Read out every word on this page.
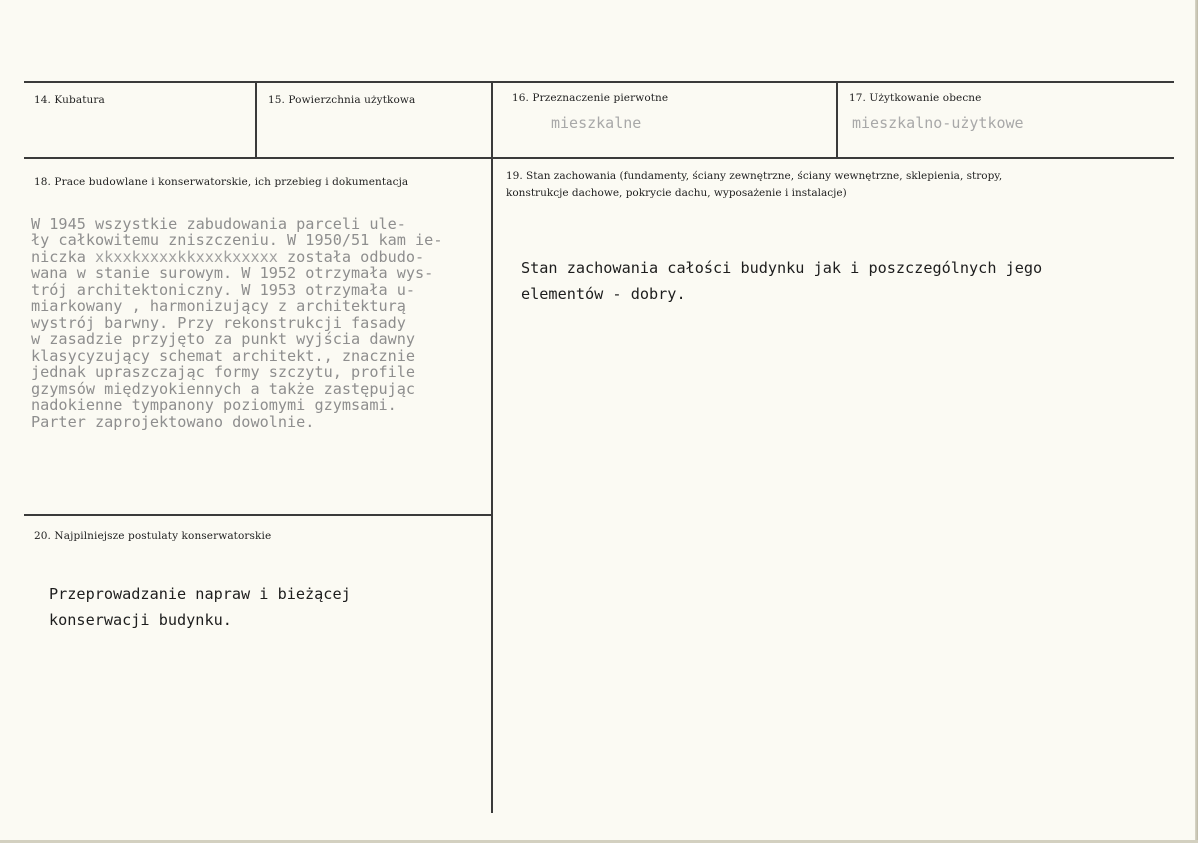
14. Kubatura	15. Powierzchnia użytkowa	16. Przeznaczenie pierwotne
mieszkalne
17. Użytkowanie obecne
mieszkalno-użytkowe
18. Prace budowlane i konserwatorskie, ich przebieg i dokumentacja

W 1945 wszystkie zabudowania parceli ule-
ły całkowitemu zniszczeniu. W 1950/51 kam ie-
niczka xkxxkxxxxkkxxxkxxxxx została odbudo-
wana w stanie surowym. W 1952 otrzymała wys-
trój architektoniczny. W 1953 otrzymała u-
miarkowany , harmonizujący z architekturą
wystrój barwny. Przy rekonstrukcji fasady
w zasadzie przyjęto za punkt wyjścia dawny
klasycyzujący schemat architekt., znacznie
jednak upraszczając formy szczytu, profile
gzymsów międzyokiennych a także zastępując
nadokienne tympanony poziomymi gzymsami.
Parter zaprojektowano dowolnie.

19. Stan zachowania (fundamenty, ściany zewnętrzne, ściany wewnętrzne, sklepienia, stropy,
konstrukcje dachowe, pokrycie dachu, wyposażenie i instalacje)

Stan zachowania całości budynku jak i poszczególnych jego
elementów - dobry.

20. Najpilniejsze postulaty konserwatorskie

Przeprowadzanie napraw i bieżącej
konserwacji budynku.
